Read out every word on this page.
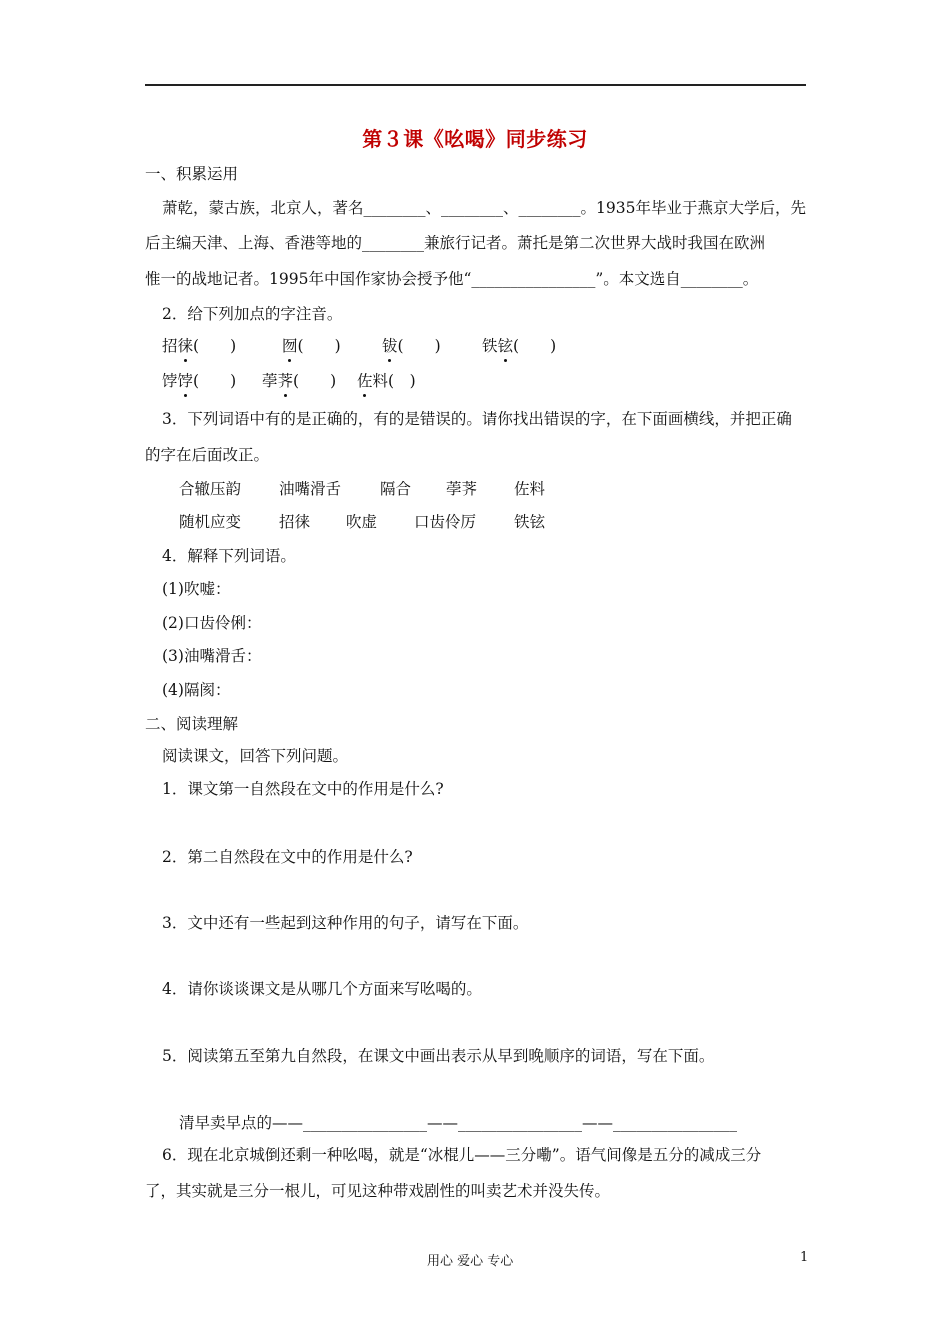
第３课《吆喝》同步练习
一、积累运用
萧乾，蒙古族，北京人，著名________、________、________。1935年毕业于燕京大学后，先
后主编天津、上海、香港等地的________兼旅行记者。萧托是第二次世界大战时我国在欧洲
惟一的战地记者。1995年中国作家协会授予他“________________”。本文选自________。
2．给下列加点的字注音。
招徕(　　)	囫(　　)	钹(　　)	铁铉(　　)
饽饽(　　)	荸荠(　　)	佐料(　)
3．下列词语中有的是正确的，有的是错误的。请你找出错误的字，在下面画横线，并把正确
的字在后面改正。
合辙压韵 油嘴滑舌	隔合 荸荠 佐料
随机应变 招徕 吹虚 口齿伶厉 铁铉
4．解释下列词语。
(1)吹嘘：
(2)口齿伶俐：
(3)油嘴滑舌：
(4)隔阂：
二、阅读理解
阅读课文，回答下列问题。
1．课文第一自然段在文中的作用是什么?
2．第二自然段在文中的作用是什么?
3．文中还有一些起到这种作用的句子，请写在下面。
4．请你谈谈课文是从哪几个方面来写吆喝的。
5．阅读第五至第九自然段，在课文中画出表示从早到晚顺序的词语，写在下面。
清早卖早点的——________________——________________——________________
6．现在北京城倒还剩一种吆喝，就是“冰棍儿——三分嘞”。语气间像是五分的减成三分
了，其实就是三分一根儿，可见这种带戏剧性的叫卖艺术并没失传。
用心 爱心 专心	1
